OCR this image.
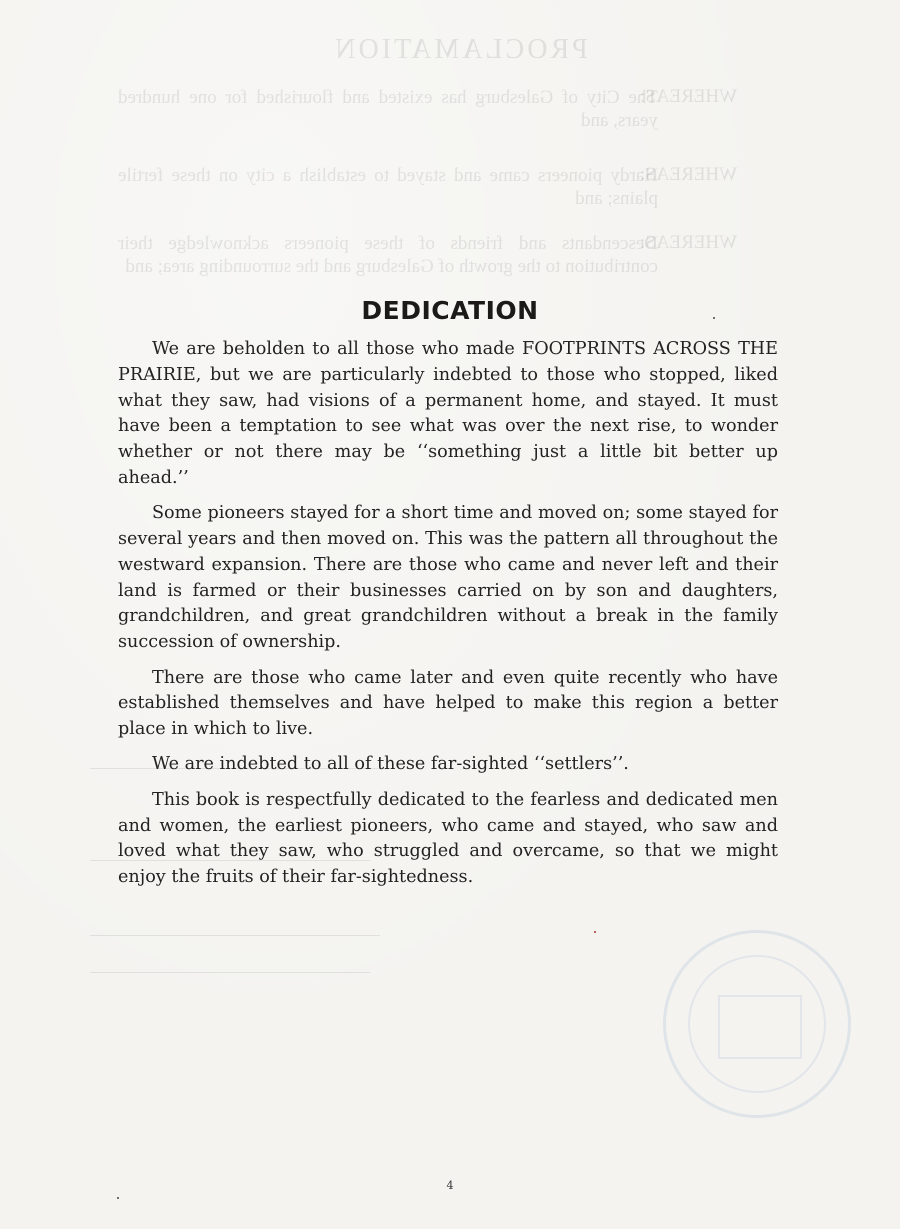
PROCLAMATION
WHEREAS:
The City of Galesburg has existed and flourished for one hundred years, and
WHEREAS:
Hardy pioneers came and stayed to establish a city on these fertile plains; and
WHEREAS:
Descendants and friends of these pioneers acknowledge their contribution to the growth of Galesburg and the surrounding area; and
DEDICATION

We are beholden to all those who made FOOTPRINTS ACROSS THE PRAIRIE, but we are particularly indebted to those who stopped, liked what they saw, had visions of a permanent home, and stayed. It must have been a temptation to see what was over the next rise, to wonder whether or not there may be ‘‘something just a little bit better up ahead.’’

Some pioneers stayed for a short time and moved on; some stayed for several years and then moved on. This was the pattern all throughout the westward expansion. There are those who came and never left and their land is farmed or their businesses carried on by son and daughters, grandchildren, and great grandchildren without a break in the family succession of ownership.

There are those who came later and even quite recently who have established themselves and have helped to make this region a better place in which to live.

We are indebted to all of these far-sighted ‘‘settlers’’.

This book is respectfully dedicated to the fearless and dedicated men and women, the earliest pioneers, who came and stayed, who saw and loved what they saw, who struggled and overcame, so that we might enjoy the fruits of their far-sightedness.

4
